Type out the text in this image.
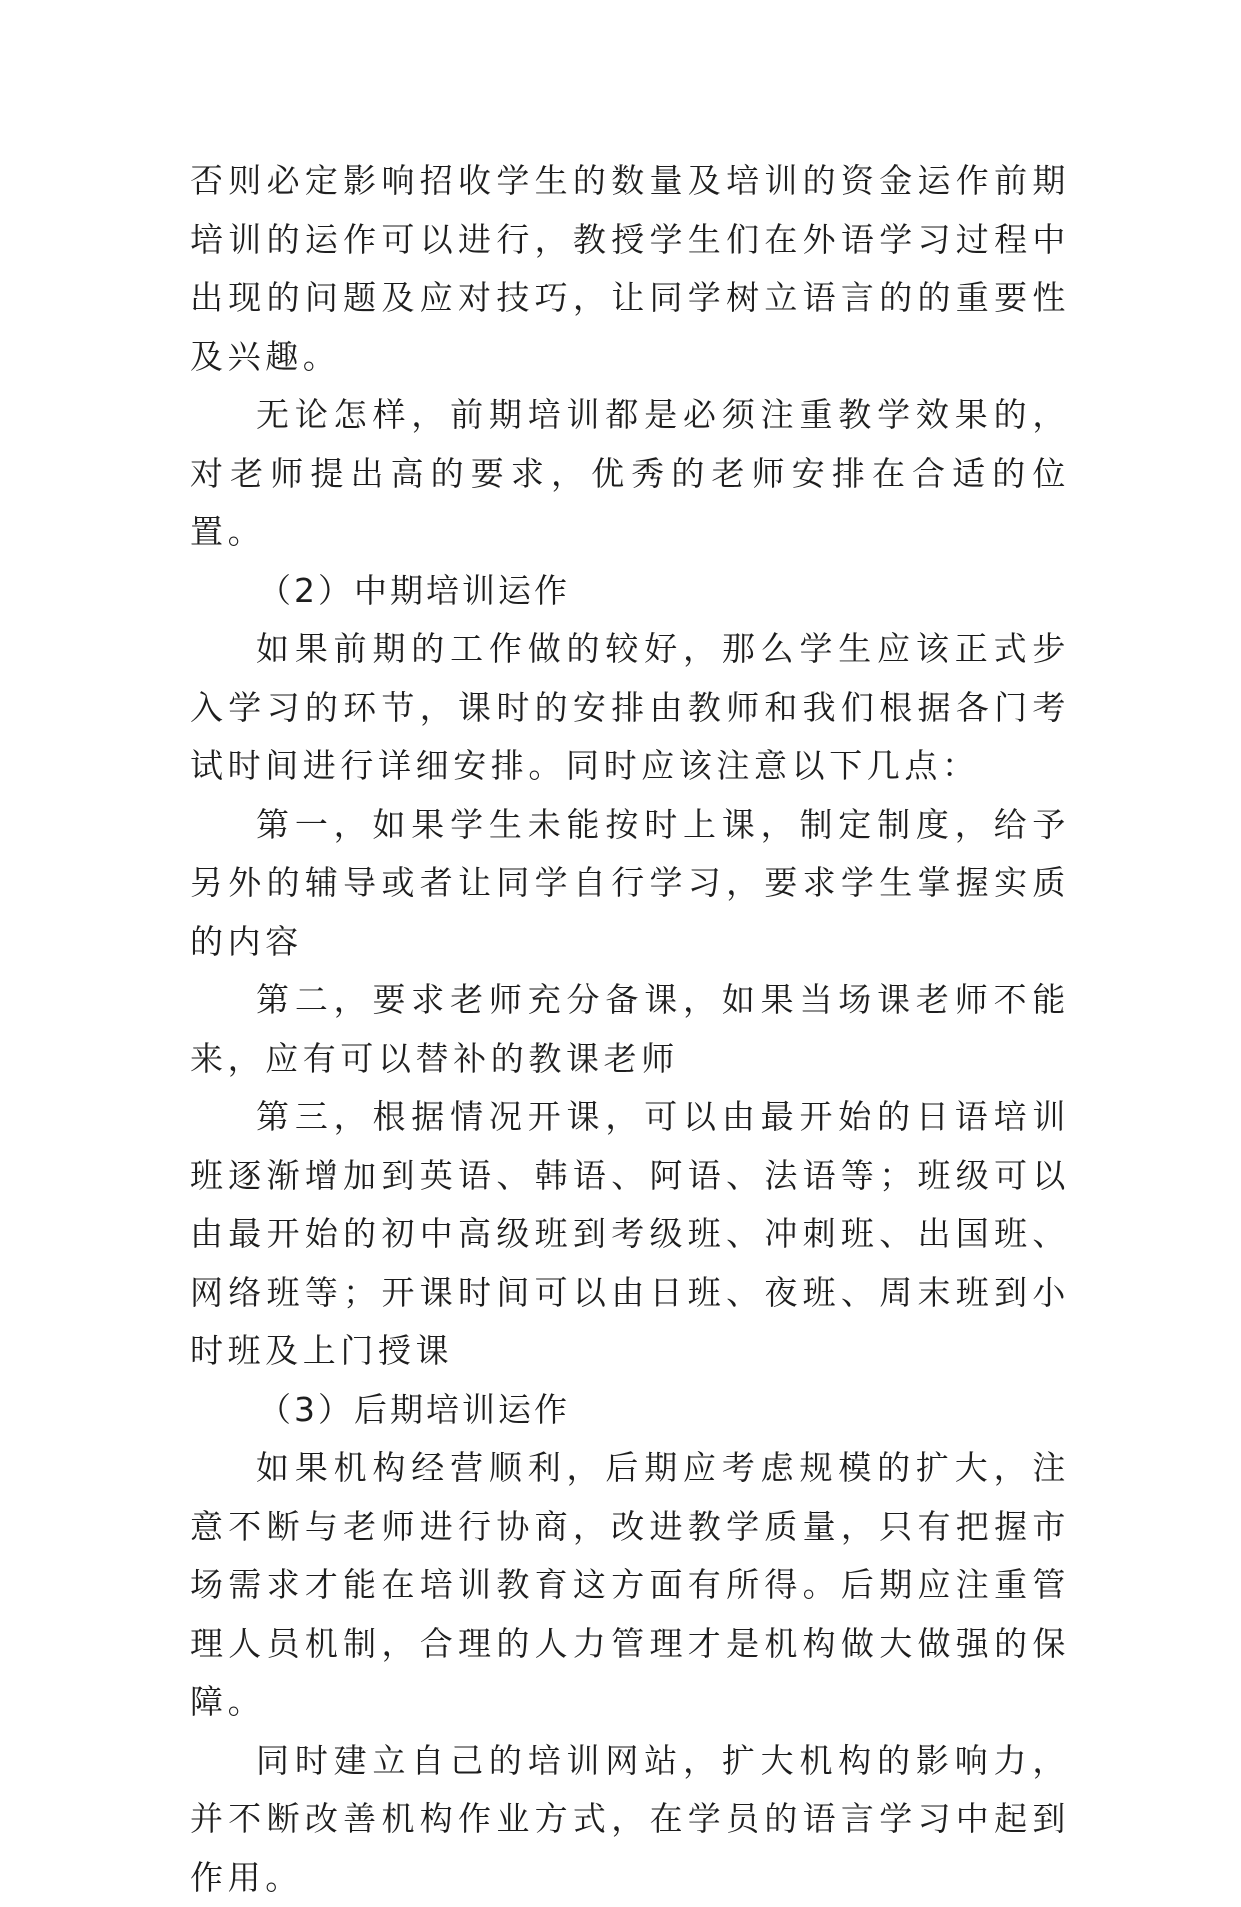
否则必定影响招收学生的数量及培训的资金运作前期培训的运作可以进行，教授学生们在外语学习过程中出现的问题及应对技巧，让同学树立语言的的重要性及兴趣。

无论怎样，前期培训都是必须注重教学效果的，对老师提出高的要求，优秀的老师安排在合适的位置。

（2）中期培训运作

如果前期的工作做的较好，那么学生应该正式步入学习的环节，课时的安排由教师和我们根据各门考试时间进行详细安排。同时应该注意以下几点：

第一，如果学生未能按时上课，制定制度，给予另外的辅导或者让同学自行学习，要求学生掌握实质的内容

第二，要求老师充分备课，如果当场课老师不能来，应有可以替补的教课老师

第三，根据情况开课，可以由最开始的日语培训班逐渐增加到英语、韩语、阿语、法语等；班级可以由最开始的初中高级班到考级班、冲刺班、出国班、网络班等；开课时间可以由日班、夜班、周末班到小时班及上门授课

（3）后期培训运作

如果机构经营顺利，后期应考虑规模的扩大，注意不断与老师进行协商，改进教学质量，只有把握市场需求才能在培训教育这方面有所得。后期应注重管理人员机制，合理的人力管理才是机构做大做强的保障。

同时建立自己的培训网站，扩大机构的影响力，并不断改善机构作业方式，在学员的语言学习中起到作用。
